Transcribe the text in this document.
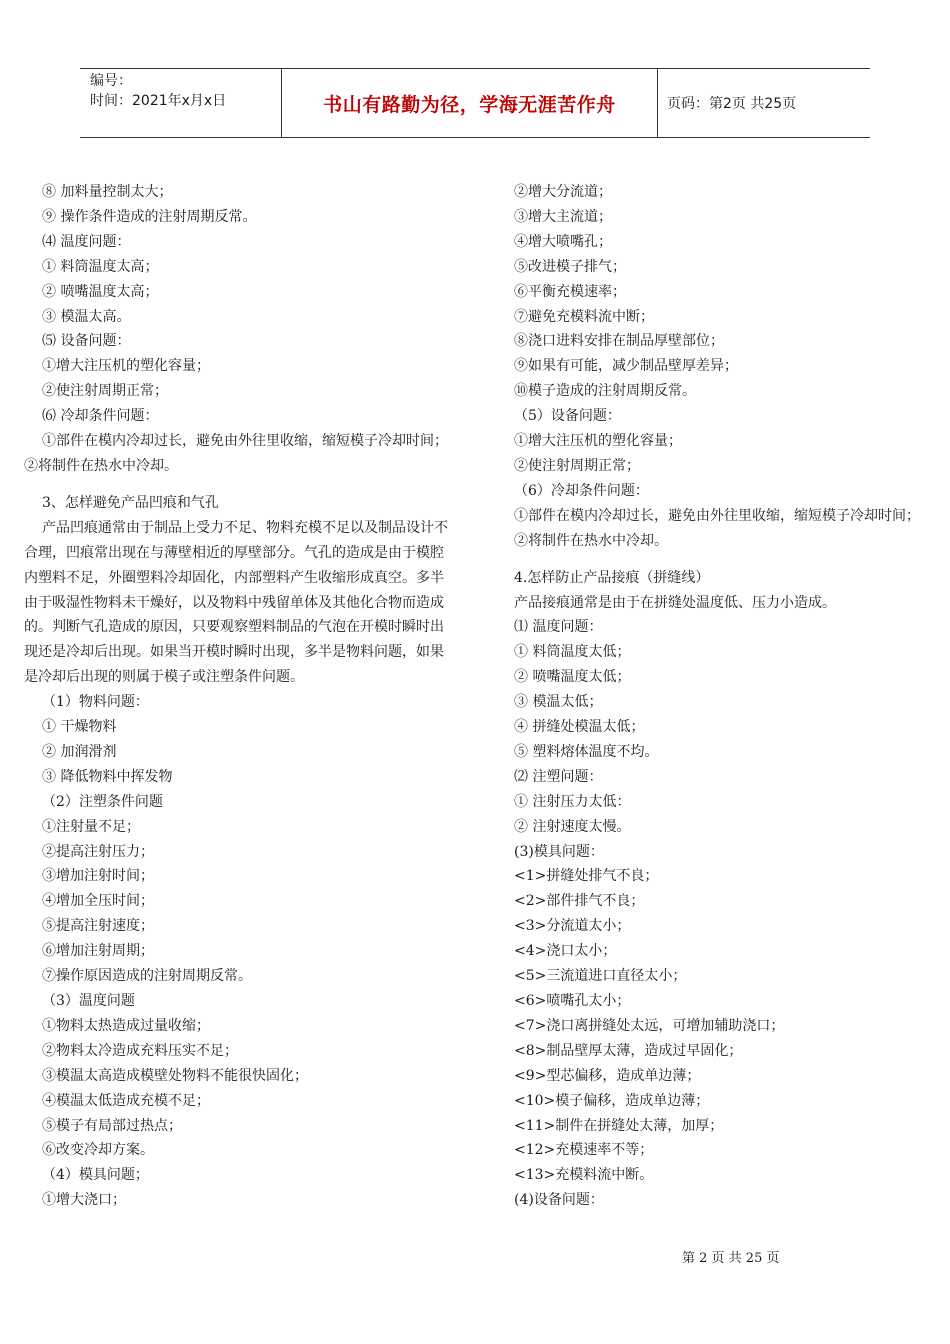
编号：
时间：2021年x月x日	书山有路勤为径，学海无涯苦作舟	页码：第2页 共25页
⑧ 加料量控制太大；
⑨ 操作条件造成的注射周期反常。
⑷ 温度问题：
① 料筒温度太高；
② 喷嘴温度太高；
③ 模温太高。
⑸ 设备问题：
①增大注压机的塑化容量；
②使注射周期正常；
⑹ 冷却条件问题：
①部件在模内冷却过长，避免由外往里收缩，缩短模子冷却时间；②将制件在热水中冷却。
3、怎样避免产品凹痕和气孔
产品凹痕通常由于制品上受力不足、物料充模不足以及制品设计不合理，凹痕常出现在与薄壁相近的厚壁部分。气孔的造成是由于模腔内塑料不足，外圈塑料冷却固化，内部塑料产生收缩形成真空。多半由于吸湿性物料未干燥好，以及物料中残留单体及其他化合物而造成的。判断气孔造成的原因，只要观察塑料制品的气泡在开模时瞬时出现还是冷却后出现。如果当开模时瞬时出现，多半是物料问题，如果是冷却后出现的则属于模子或注塑条件问题。
（1）物料问题：
① 干燥物料
② 加润滑剂
③ 降低物料中挥发物
（2）注塑条件问题
①注射量不足；
②提高注射压力；
③增加注射时间；
④增加全压时间；
⑤提高注射速度；
⑥增加注射周期；
⑦操作原因造成的注射周期反常。
（3）温度问题
①物料太热造成过量收缩；
②物料太冷造成充料压实不足；
③模温太高造成模壁处物料不能很快固化；
④模温太低造成充模不足；
⑤模子有局部过热点；
⑥改变冷却方案。
（4）模具问题；
①增大浇口；
②增大分流道；
③增大主流道；
④增大喷嘴孔；
⑤改进模子排气；
⑥平衡充模速率；
⑦避免充模料流中断；
⑧浇口进料安排在制品厚壁部位；
⑨如果有可能，减少制品壁厚差异；
⑩模子造成的注射周期反常。
（5）设备问题：
①增大注压机的塑化容量；
②使注射周期正常；
（6）冷却条件问题：
①部件在模内冷却过长，避免由外往里收缩，缩短模子冷却时间；
②将制件在热水中冷却。
4.怎样防止产品接痕（拼缝线）
产品接痕通常是由于在拼缝处温度低、压力小造成。
⑴ 温度问题：
① 料筒温度太低；
② 喷嘴温度太低；
③ 模温太低；
④ 拼缝处模温太低；
⑤ 塑料熔体温度不均。
⑵ 注塑问题：
① 注射压力太低：
② 注射速度太慢。
(3)模具问题：
<1>拼缝处排气不良；
<2>部件排气不良；
<3>分流道太小；
<4>浇口太小；
<5>三流道进口直径太小；
<6>喷嘴孔太小；
<7>浇口离拼缝处太远，可增加辅助浇口；
<8>制品壁厚太薄，造成过早固化；
<9>型芯偏移，造成单边薄；
<10>模子偏移，造成单边薄；
<11>制件在拼缝处太薄，加厚；
<12>充模速率不等；
<13>充模料流中断。
(4)设备问题：
第 2 页 共 25 页
